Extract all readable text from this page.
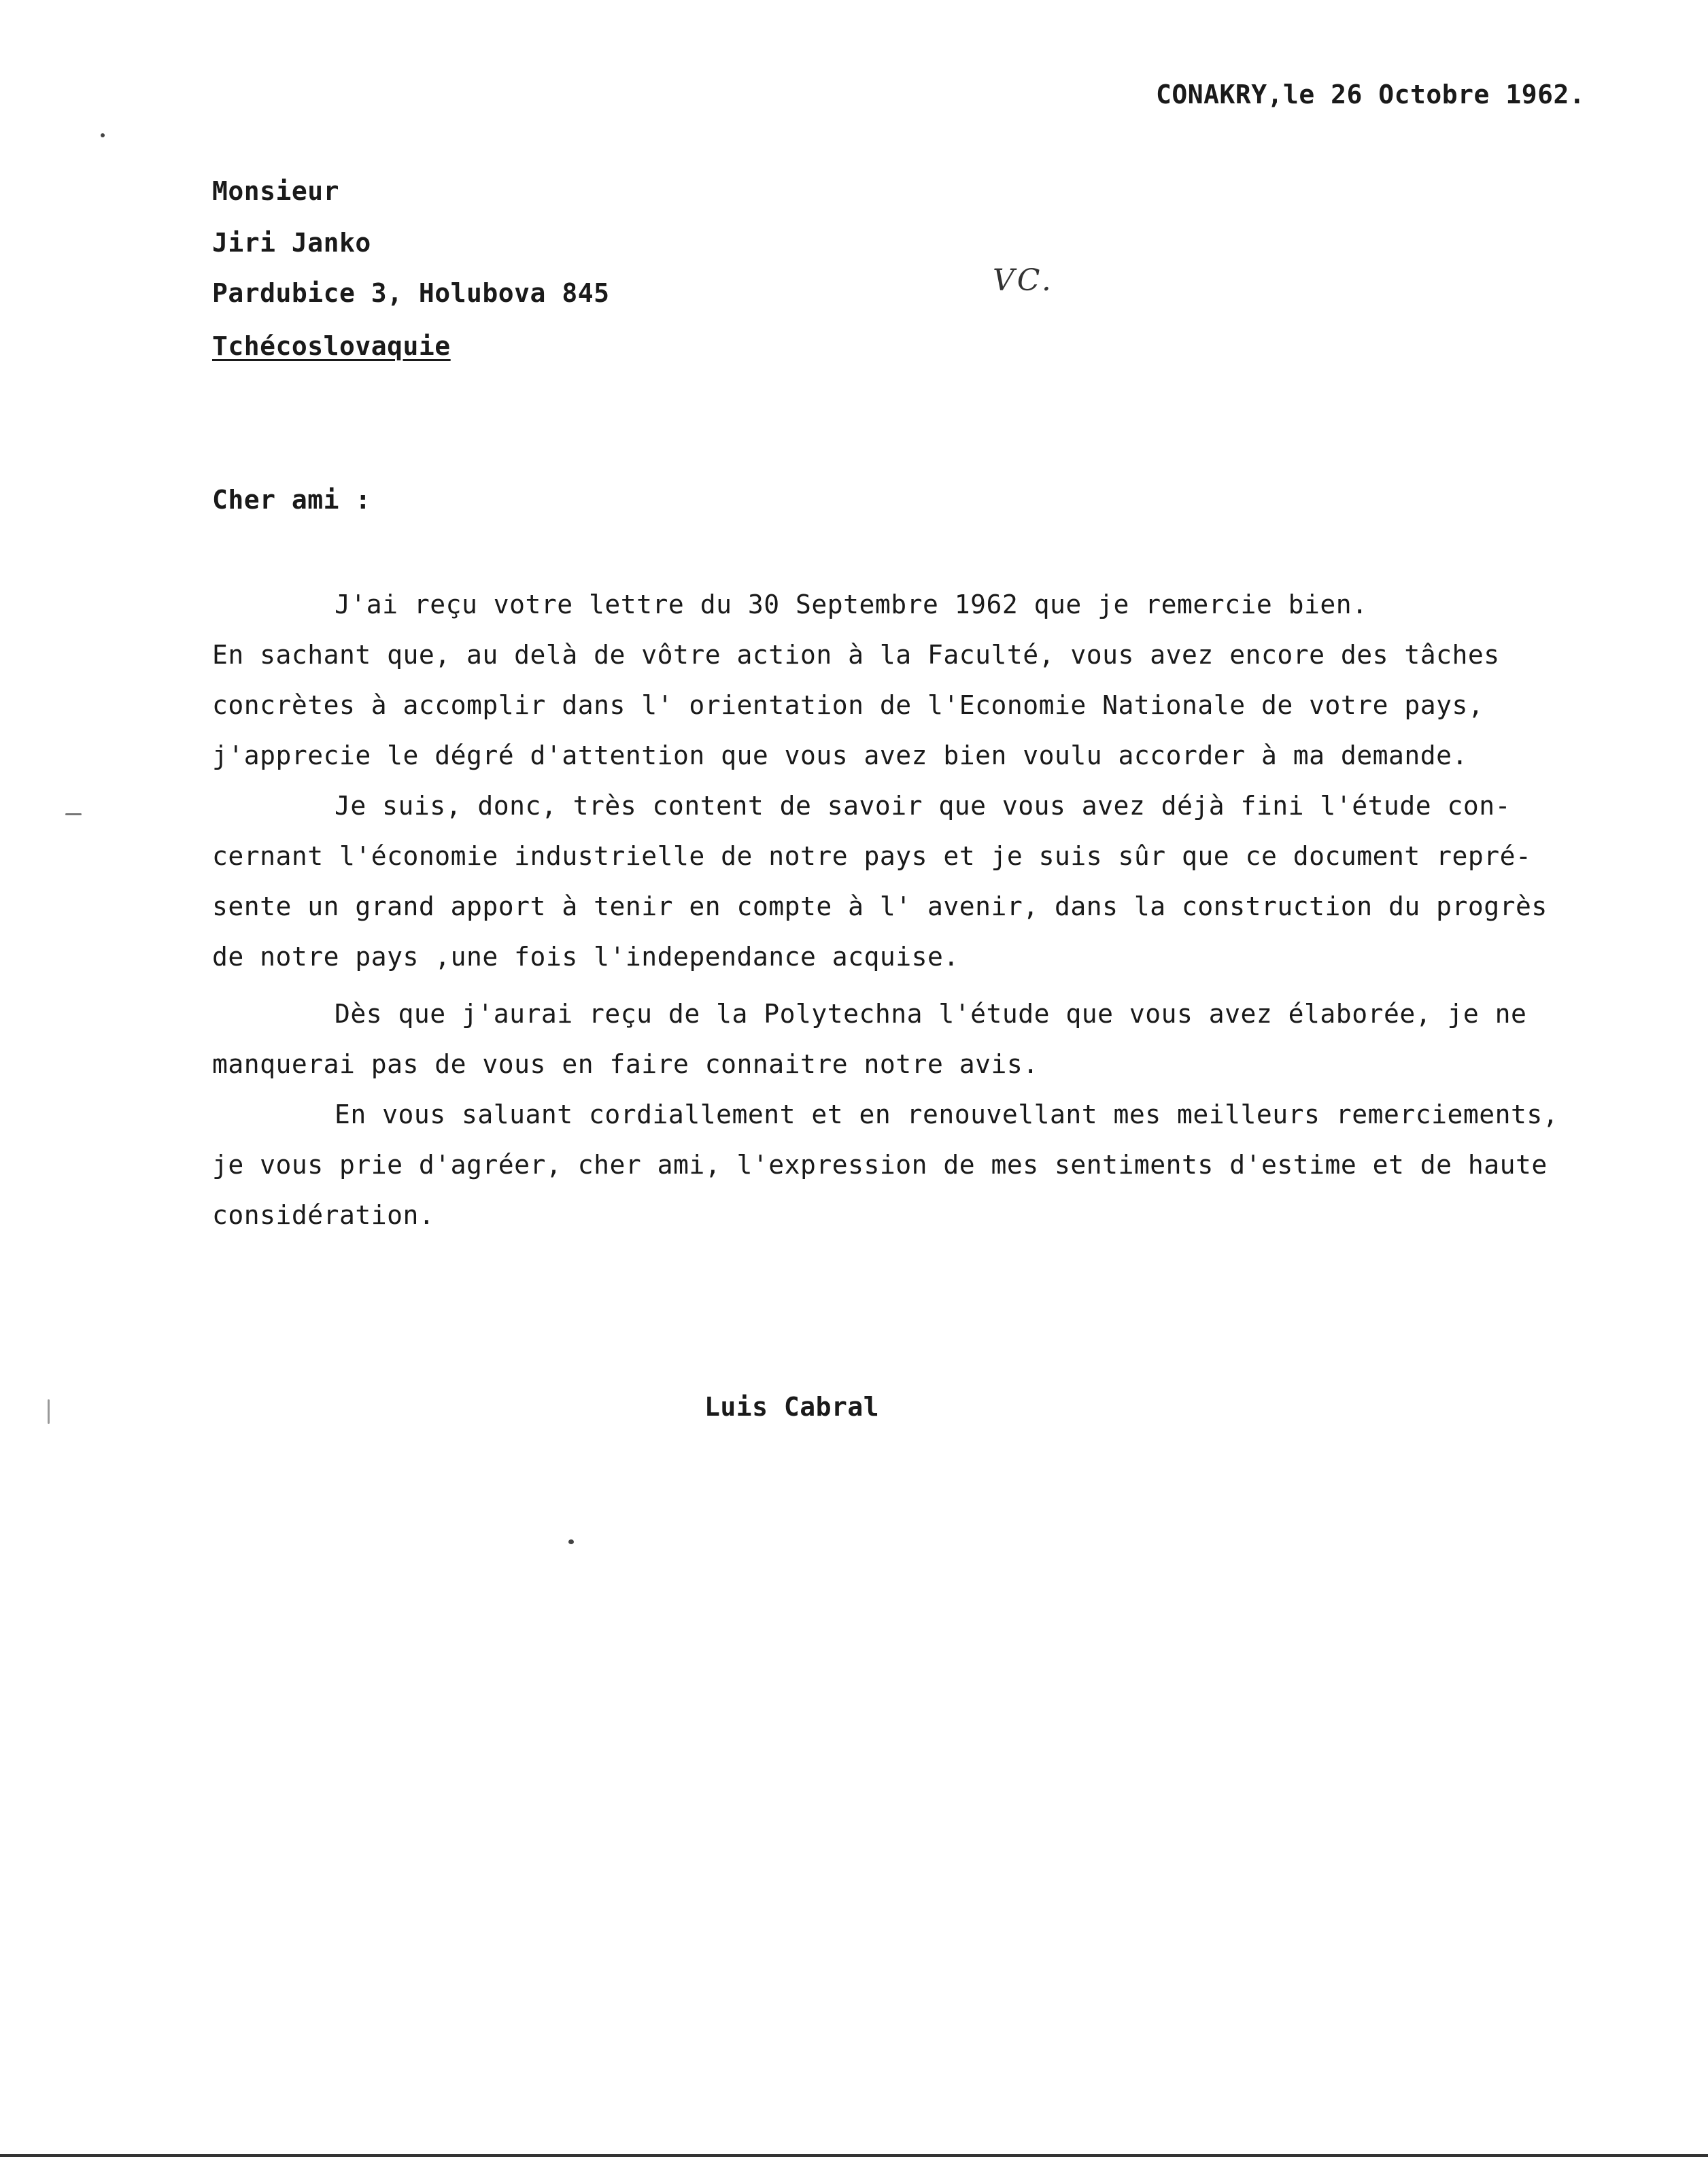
CONAKRY,le 26 Octobre 1962.
Monsieur
Jiri Janko
Pardubice 3, Holubova 845
Tchécoslovaquie
VC.
Cher ami :
J'ai reçu votre lettre du 30 Septembre 1962 que je remercie bien.
En sachant que, au delà de vôtre action à la Faculté, vous avez encore des tâches
concrètes à accomplir dans l' orientation de l'Economie Nationale de votre pays,
j'apprecie le dégré d'attention que vous avez bien voulu accorder à ma demande.
Je suis, donc, très content de savoir que vous avez déjà fini l'étude con-
cernant l'économie industrielle de notre pays et je suis sûr que ce document repré-
sente un grand apport à tenir en compte à l' avenir, dans la construction du progrès
de notre pays ,une fois l'independance acquise.
Dès que j'aurai reçu de la Polytechna l'étude que vous avez élaborée, je ne
manquerai pas de vous en faire connaitre notre avis.
En vous saluant cordiallement et en renouvellant mes meilleurs remerciements,
je vous prie d'agréer, cher ami, l'expression de mes sentiments d'estime et de haute
considération.
Luis Cabral
